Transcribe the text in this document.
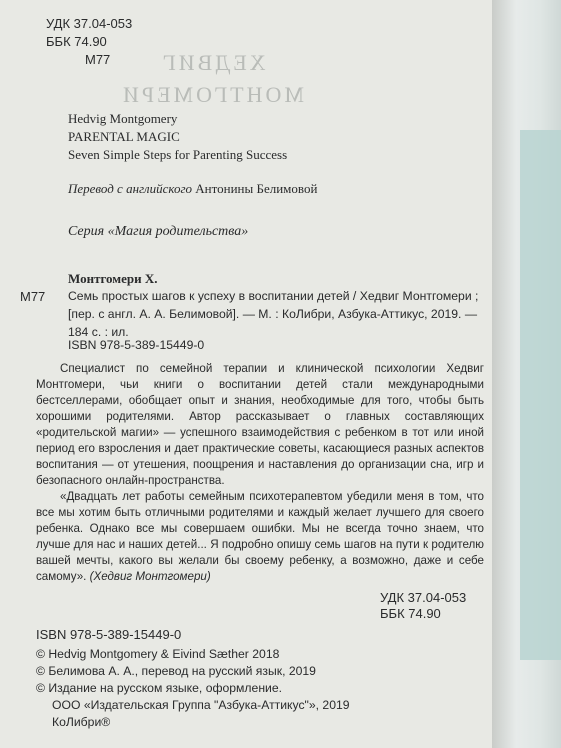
ХЕДВИГ
МОНТГОМЕРИ
УДК 37.04-053
ББК 74.90
М77
Hedvig Montgomery
PARENTAL MAGIC
Seven Simple Steps for Parenting Success
Перевод с английского Антонины Белимовой
Серия «Магия родительства»
М77
Монтгомери Х.
Семь простых шагов к успеху в воспитании детей / Хедвиг Монтгомери ;
[пер. с англ. А. А. Белимовой]. — М. : КоЛибри, Азбука-Аттикус, 2019. —
184 с. : ил.
ISBN 978-5-389-15449-0
Специалист по семейной терапии и клинической психологии Хедвиг Монтгомери, чьи книги о воспитании детей стали международными бестселлерами, обобщает опыт и знания, необходимые для того, чтобы быть хорошими родителями. Автор рассказывает о главных составляющих «родительской магии» — успешного взаимодействия с ребенком в тот или иной период его взросления и дает практические советы, касающиеся разных аспектов воспитания — от утешения, поощрения и наставления до организации сна, игр и безопасного онлайн-пространства.
«Двадцать лет работы семейным психотерапевтом убедили меня в том, что все мы хотим быть отличными родителями и каждый желает лучшего для своего ребенка. Однако все мы совершаем ошибки. Мы не всегда точно знаем, что лучше для нас и наших детей... Я подробно опишу семь шагов на пути к родителю вашей мечты, какого вы желали бы своему ребенку, а возможно, даже и себе самому». (Хедвиг Монтгомери)
УДК 37.04-053
ББК 74.90
ISBN 978-5-389-15449-0
© Hedvig Montgomery & Eivind Sæther 2018
© Белимова А. А., перевод на русский язык, 2019
© Издание на русском языке, оформление.
ООО «Издательская Группа "Азбука-Аттикус"», 2019
КоЛибри®
